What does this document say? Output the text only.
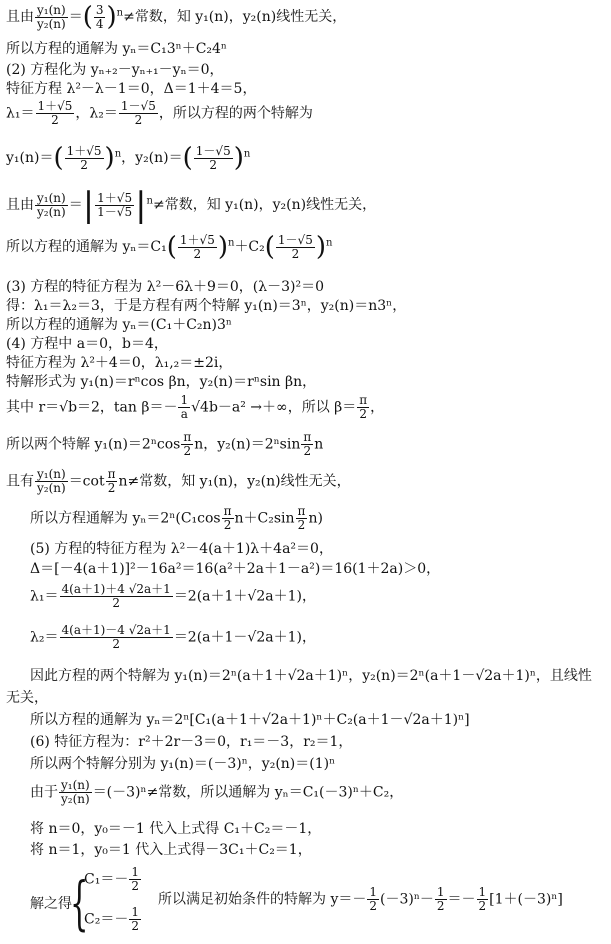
且由 $\frac{\text{y₁(n)}}{\text{y₂(n)}}$ ＝( $\frac{3}{4} )^n\ne$常数，知 y₁(n)，y₂(n)线性无关，
所以方程的通解为 yₙ＝C₁3ⁿ＋C₂4ⁿ
(2) 方程化为 yₙ₊₂－yₙ₊₁－yₙ＝0，
特征方程 λ²－λ－1＝0，Δ＝1＋4＝5，
$\lambda_1= \frac{1+√5}{2}$ ，$\lambda_2= \frac{1-√5}{2}$ ，所以方程的两个特解为
$y_1(n)=( \frac{1+√5}{2} )^n$，$y_2(n)=( \frac{1-√5}{2} )^n$
且由 $\frac{\text{y₁(n)}}{\text{y₂(n)}}$ ＝| $\frac{1+√5}{1-√5} |^n\ne$常数，知 y₁(n)，y₂(n)线性无关，
所以方程的通解为 $y_n=C_1( \frac{1+√5}{2} )^n+C_2( \frac{1-√5}{2} )^n$
(3) 方程的特征方程为 λ²－6λ＋9＝0，(λ－3)²＝0
得：λ₁＝λ₂＝3，于是方程有两个特解 y₁(n)＝3ⁿ，y₂(n)＝n3ⁿ，
所以方程的通解为 yₙ＝(C₁＋C₂n)3ⁿ
(4) 方程中 a＝0，b＝4，
特征方程为 λ²＋4＝0，λ₁,₂＝±2i，
特解形式为 y₁(n)＝rⁿcos βn，y₂(n)＝rⁿsin βn，
其中 r＝√b＝2，$\tan \beta=- \frac{1}{a} √4b-a^2$ →＋∞，所以 $\beta= \frac{\pi}{2}$ ，
所以两个特解 $y_1(n)=2^n\cos \frac{\pi}{2}$ n，$y_2(n)=2^n\sin \frac{\pi}{2}$ n
且有 $\frac{\text{y₁(n)}}{\text{y₂(n)}} =\cot \frac{\pi}{2} n\ne$常数，知 y₁(n)，y₂(n)线性无关，
所以方程通解为 $y_n=2^n(C_1\cos \frac{\pi}{2} n+C_2\sin \frac{\pi}{2} n)$
(5) 方程的特征方程为 λ²－4(a＋1)λ＋4a²＝0，
Δ＝[－4(a＋1)]²－16a²＝16(a²＋2a＋1－a²)＝16(1＋2a)＞0，
$\lambda_1= \frac{4(a+1)+4 √2a+1}{2} =2(a+1+√2a+1)$，
$\lambda_2= \frac{4(a+1)-4 √2a+1}{2} =2(a+1-√2a+1)$，
因此方程的两个特解为 y₁(n)＝2ⁿ(a＋1＋√2a＋1)ⁿ，y₂(n)＝2ⁿ(a＋1－√2a＋1)ⁿ，且线性
无关，
所以方程的通解为 yₙ＝2ⁿ[C₁(a＋1＋√2a＋1)ⁿ＋C₂(a＋1－√2a＋1)ⁿ]
(6) 特征方程为：r²＋2r－3＝0，r₁＝－3，r₂＝1，
所以两个特解分别为 y₁(n)＝(－3)ⁿ，y₂(n)＝(1)ⁿ
由于 $\frac{\text{y₁(n)}}{\text{y₂(n)}} =(-3)^n\ne$常数，所以通解为 yₙ＝C₁(－3)ⁿ＋C₂，
将 n＝0，y₀＝－1 代入上式得 C₁＋C₂＝－1，
将 n＝1，y₀＝1 代入上式得－3C₁＋C₂＝1，
解之得
{
$C_1=- \frac{1}{2}$
$C_2=- \frac{1}{2}$
所以满足初始条件的特解为 $y=- \frac{1}{2} (-3)^n- \frac{1}{2} =- \frac{1}{2} [1+(-3)^n]$
